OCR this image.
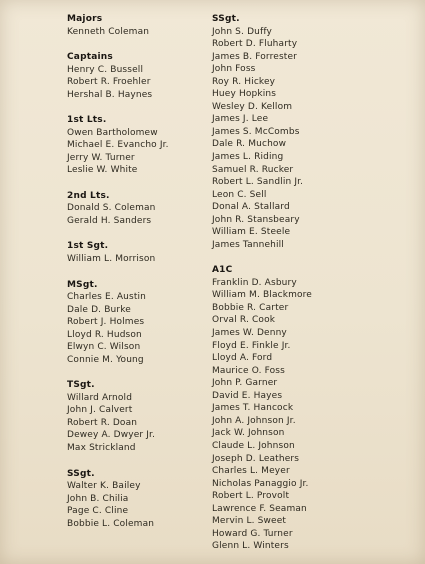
Majors
Kenneth Coleman
Captains
Henry C. Bussell
Robert R. Froehler
Hershal B. Haynes
1st Lts.
Owen Bartholomew
Michael E. Evancho Jr.
Jerry W. Turner
Leslie W. White
2nd Lts.
Donald S. Coleman
Gerald H. Sanders
1st Sgt.
William L. Morrison
MSgt.
Charles E. Austin
Dale D. Burke
Robert J. Holmes
Lloyd R. Hudson
Elwyn C. Wilson
Connie M. Young
TSgt.
Willard Arnold
John J. Calvert
Robert R. Doan
Dewey A. Dwyer Jr.
Max Strickland
SSgt.
Walter K. Bailey
John B. Chilia
Page C. Cline
Bobbie L. Coleman
SSgt.
John S. Duffy
Robert D. Fluharty
James B. Forrester
John Foss
Roy R. Hickey
Huey Hopkins
Wesley D. Kellom
James J. Lee
James S. McCombs
Dale R. Muchow
James L. Riding
Samuel R. Rucker
Robert L. Sandlin Jr.
Leon C. Sell
Donal A. Stallard
John R. Stansbeary
William E. Steele
James Tannehill
A1C
Franklin D. Asbury
William M. Blackmore
Bobbie R. Carter
Orval R. Cook
James W. Denny
Floyd E. Finkle Jr.
Lloyd A. Ford
Maurice O. Foss
John P. Garner
David E. Hayes
James T. Hancock
John A. Johnson Jr.
Jack W. Johnson
Claude L. Johnson
Joseph D. Leathers
Charles L. Meyer
Nicholas Panaggio Jr.
Robert L. Provolt
Lawrence F. Seaman
Mervin L. Sweet
Howard G. Turner
Glenn L. Winters
